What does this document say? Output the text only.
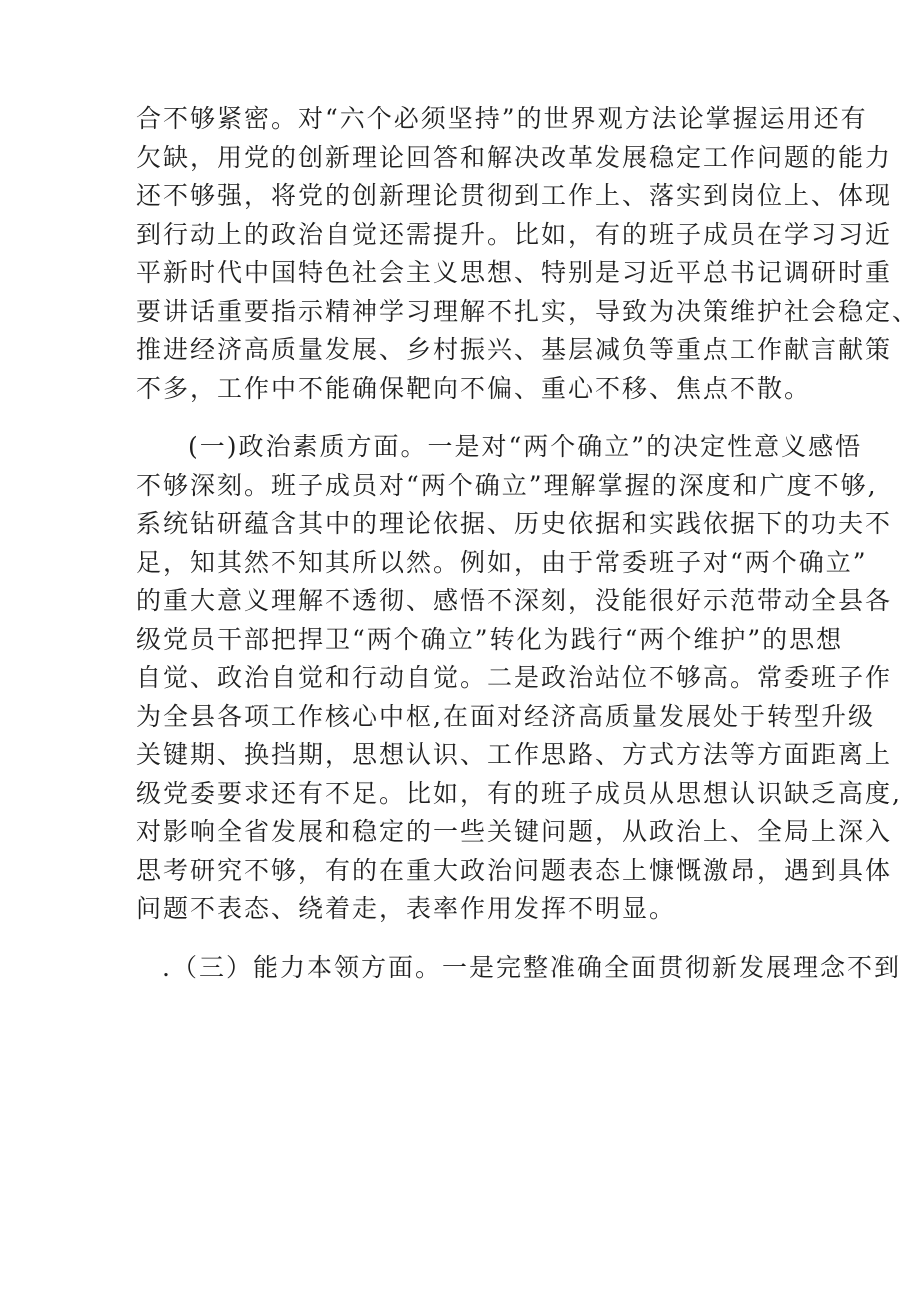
合不够紧密。对“六个必须坚持”的世界观方法论掌握运用还有
欠缺，用党的创新理论回答和解决改革发展稳定工作问题的能力
还不够强，将党的创新理论贯彻到工作上、落实到岗位上、体现
到行动上的政治自觉还需提升。比如，有的班子成员在学习习近
平新时代中国特色社会主义思想、特别是习近平总书记调研时重
要讲话重要指示精神学习理解不扎实，导致为决策维护社会稳定、
推进经济高质量发展、乡村振兴、基层减负等重点工作献言献策
不多，工作中不能确保靶向不偏、重心不移、焦点不散。
(一)政治素质方面。一是对“两个确立”的决定性意义感悟
不够深刻。班子成员对“两个确立”理解掌握的深度和广度不够,
系统钻研蕴含其中的理论依据、历史依据和实践依据下的功夫不
足，知其然不知其所以然。例如，由于常委班子对“两个确立”
的重大意义理解不透彻、感悟不深刻，没能很好示范带动全县各
级党员干部把捍卫“两个确立”转化为践行“两个维护”的思想
自觉、政治自觉和行动自觉。二是政治站位不够高。常委班子作
为全县各项工作核心中枢,在面对经济高质量发展处于转型升级
关键期、换挡期，思想认识、工作思路、方式方法等方面距离上
级党委要求还有不足。比如，有的班子成员从思想认识缺乏高度,
对影响全省发展和稳定的一些关键问题，从政治上、全局上深入
思考研究不够，有的在重大政治问题表态上慷慨激昂，遇到具体
问题不表态、绕着走，表率作用发挥不明显。
.（三）能力本领方面。一是完整准确全面贯彻新发展理念不到
